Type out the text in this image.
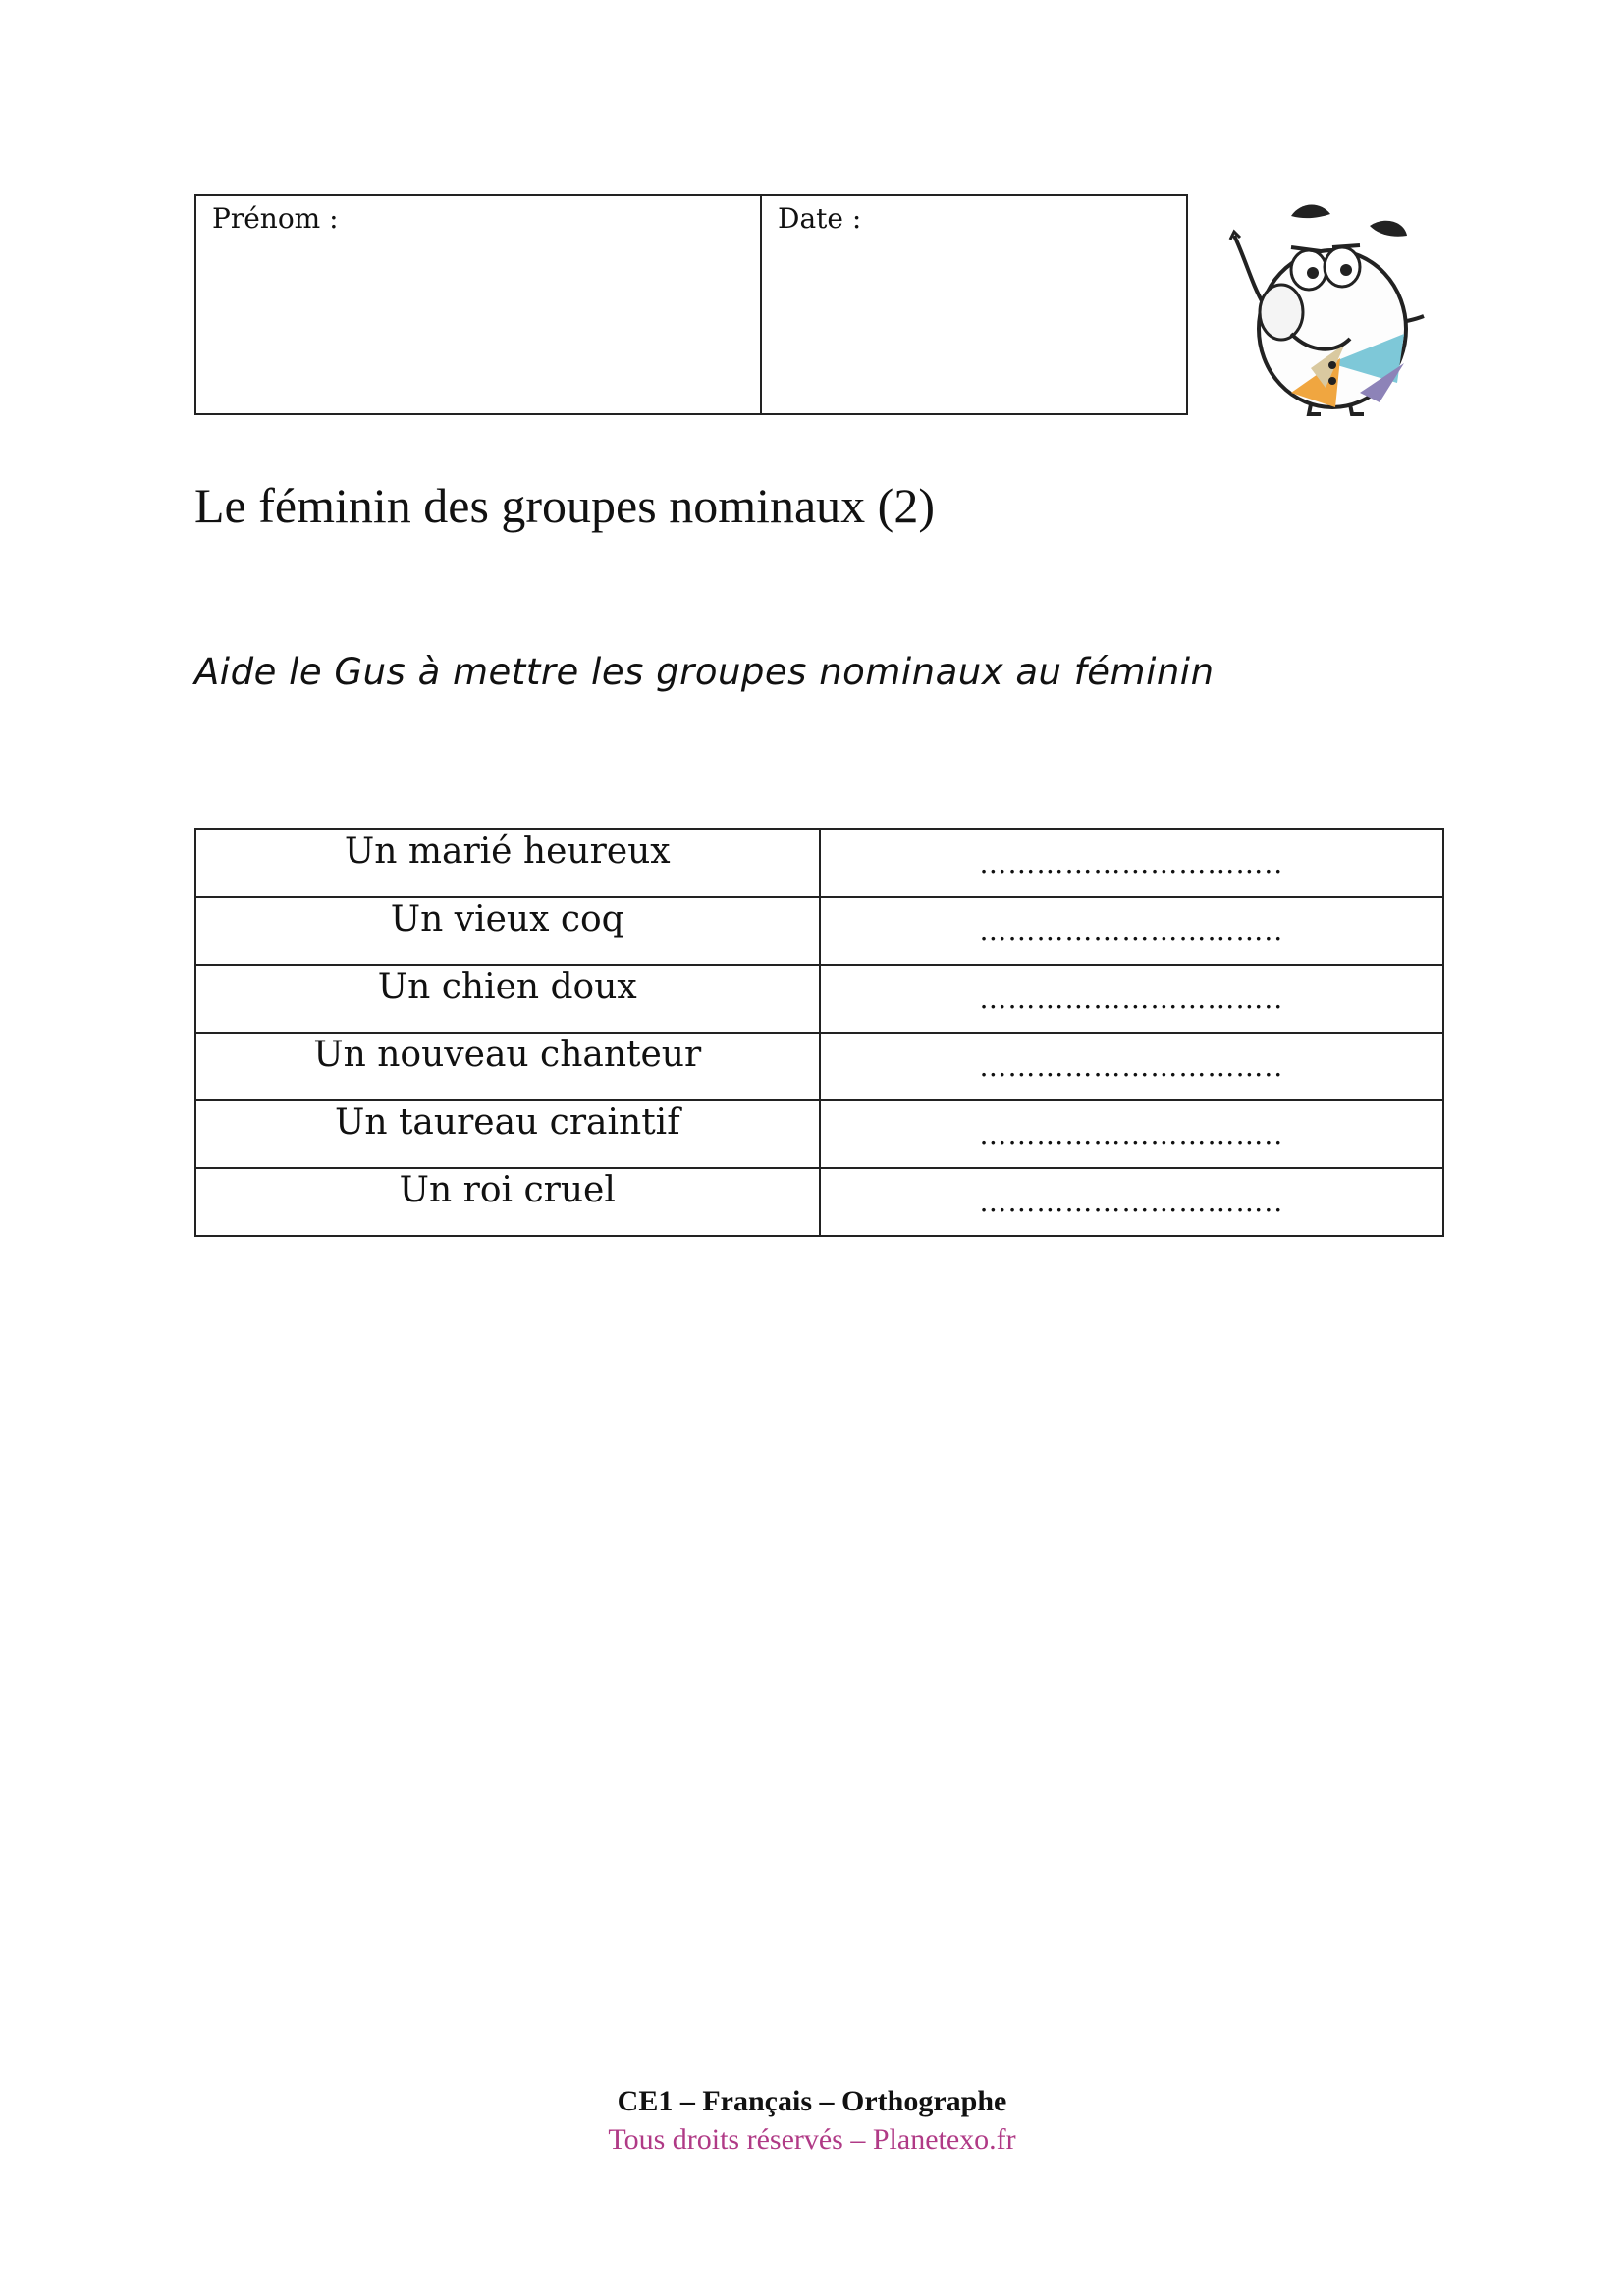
Prénom :	Date :
Le féminin des groupes nominaux (2)

Aide le Gus à mettre les groupes nominaux au féminin

Un marié heureux	…………………………..
Un vieux coq	…………………………..
Un chien doux	…………………………..
Un nouveau chanteur	…………………………..
Un taureau craintif	…………………………..
Un roi cruel	…………………………..
CE1 – Français – Orthographe
Tous droits réservés – Planetexo.fr
